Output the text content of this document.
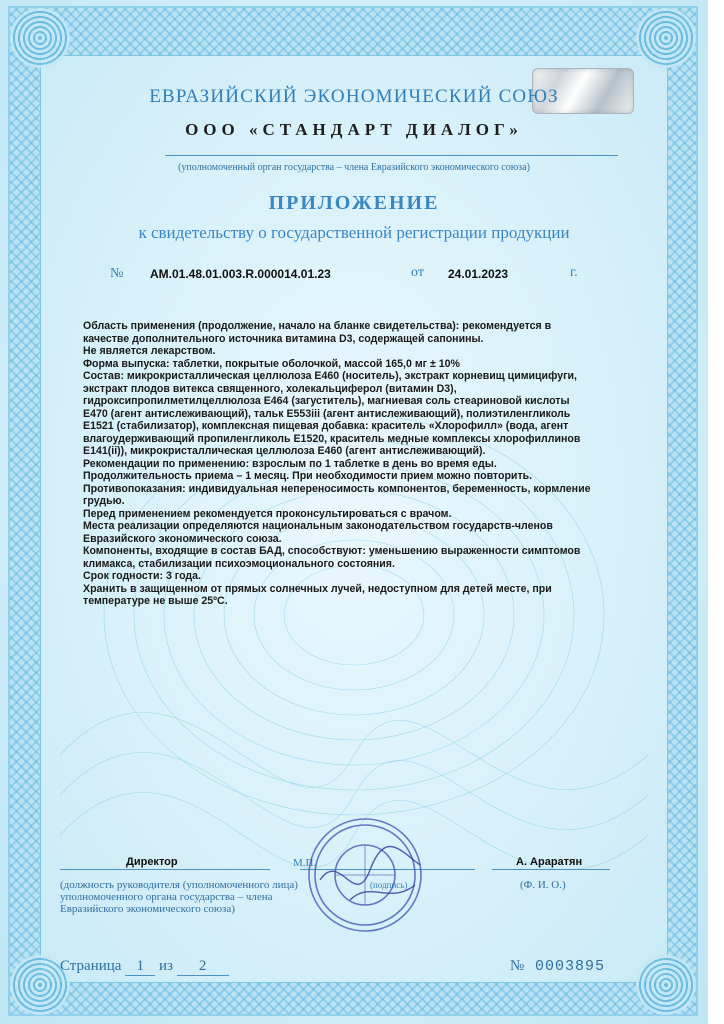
ЕВРАЗИЙСКИЙ ЭКОНОМИЧЕСКИЙ СОЮЗ
ООО «СТАНДАРТ ДИАЛОГ»
(уполномоченный орган государства – члена Евразийского экономического союза)
ПРИЛОЖЕНИЕ
к свидетельству о государственной регистрации продукции
№ AM.01.48.01.003.R.000014.01.23	от 24.01.2023	г.
Область применения (продолжение, начало на бланке свидетельства): рекомендуется в
качестве дополнительного источника витамина D3, содержащей сапонины.
Не является лекарством.
Форма выпуска: таблетки, покрытые оболочкой, массой 165,0 мг ± 10%
Состав: микрокристаллическая целлюлоза Е460 (носитель), экстракт корневищ цимицифуги,
экстракт плодов витекса священного, холекальциферол (витамин D3),
гидроксипропилметилцеллюлоза Е464 (загуститель), магниевая соль стеариновой кислоты
Е470 (агент антислеживающий), тальк Е553iii (агент антислеживающий), полиэтиленгликоль
Е1521 (стабилизатор), комплексная пищевая добавка: краситель «Хлорофилл» (вода, агент
влагоудерживающий пропиленгликоль Е1520, краситель медные комплексы хлорофиллинов
Е141(ii)), микрокристаллическая целлюлоза Е460 (агент антислеживающий).
Рекомендации по применению: взрослым по 1 таблетке в день во время еды.
Продолжительность приема – 1 месяц. При необходимости прием можно повторить.
Противопоказания: индивидуальная непереносимость компонентов, беременность, кормление
грудью.
Перед применением рекомендуется проконсультироваться с врачом.
Места реализации определяются национальным законодательством государств-членов
Евразийского экономического союза.
Компоненты, входящие в состав БАД, способствуют: уменьшению выраженности симптомов
климакса, стабилизации психоэмоционального состояния.
Срок годности: 3 года.
Хранить в защищенном от прямых солнечных лучей, недоступном для детей месте, при
температуре не выше 25ºС.
Директор	М.П.
(подпись)
А. Араратян
(должность руководителя (уполномоченного лица) уполномоченного органа государства – члена Евразийского экономического союза)
(Ф. И. О.)
Страница 1 из 2	№ 0003895
